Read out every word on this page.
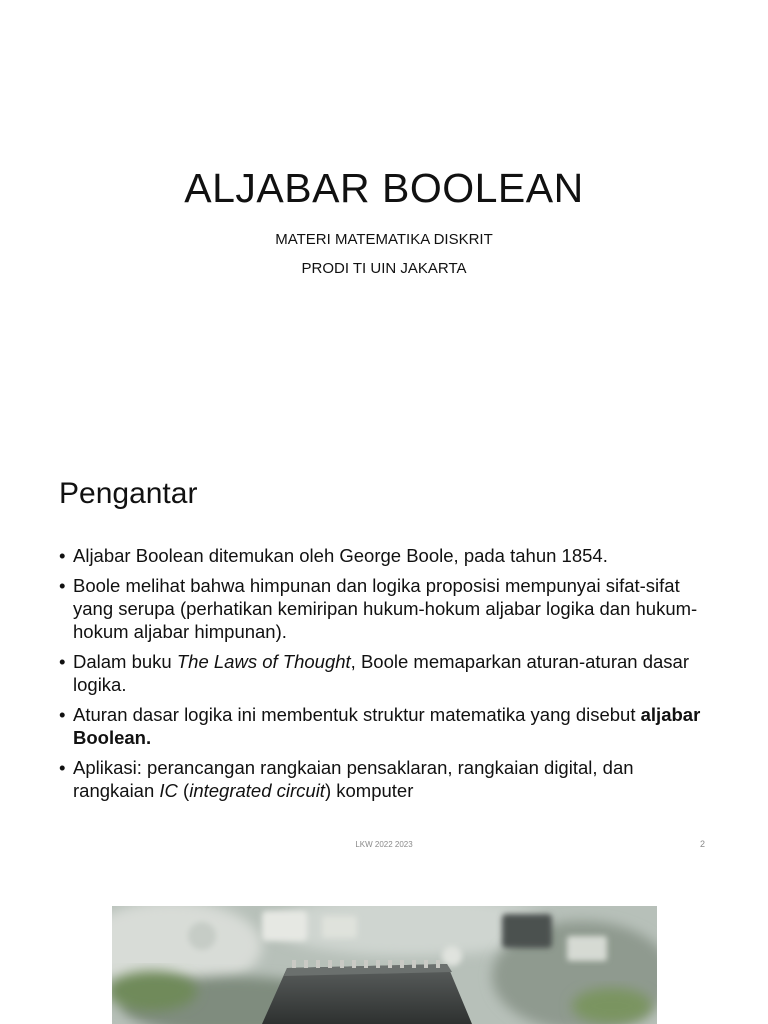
ALJABAR BOOLEAN
MATERI MATEMATIKA DISKRIT
PRODI TI UIN JAKARTA
Pengantar
• Aljabar Boolean ditemukan oleh George Boole, pada tahun 1854.
• Boole melihat bahwa himpunan dan logika proposisi mempunyai sifat-sifat yang serupa (perhatikan kemiripan hukum-hokum aljabar logika dan hukum-hokum aljabar himpunan).
• Dalam buku The Laws of Thought, Boole memaparkan aturan-aturan dasar logika.
• Aturan dasar logika ini membentuk struktur matematika yang disebut aljabar Boolean.
• Aplikasi: perancangan rangkaian pensaklaran, rangkaian digital, dan rangkaian IC (integrated circuit) komputer
LKW 2022 2023	2
